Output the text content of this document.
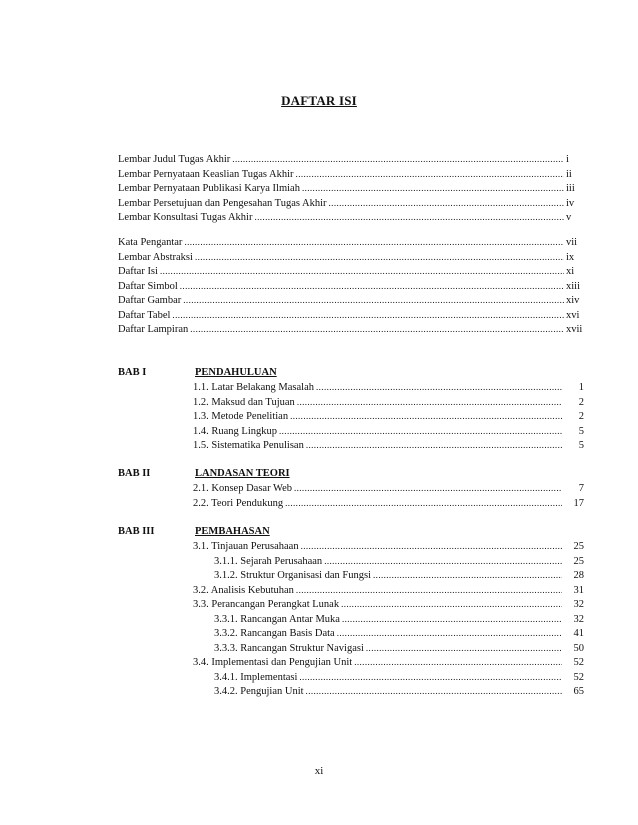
DAFTAR ISI
Lembar Judul Tugas Akhir .....	i
Lembar Pernyataan Keaslian Tugas Akhir .....	ii
Lembar Pernyataan Publikasi Karya Ilmiah .....	iii
Lembar Persetujuan dan Pengesahan Tugas Akhir .....	iv
Lembar Konsultasi Tugas Akhir .....	v
Kata Pengantar .....	vii
Lembar Abstraksi .....	ix
Daftar Isi .....	xi
Daftar Simbol .....	xiii
Daftar Gambar .....	xiv
Daftar Tabel .....	xvi
Daftar Lampiran .....	xvii
BAB I	PENDAHULUAN
1.1. Latar Belakang Masalah .....	1
1.2. Maksud dan Tujuan .....	2
1.3. Metode Penelitian .....	2
1.4. Ruang Lingkup .....	5
1.5. Sistematika Penulisan .....	5
BAB II	LANDASAN TEORI
2.1. Konsep Dasar Web .....	7
2.2. Teori Pendukung .....	17
BAB III	PEMBAHASAN
3.1. Tinjauan Perusahaan .....	25
3.1.1. Sejarah Perusahaan .....	25
3.1.2. Struktur Organisasi dan Fungsi .....	28
3.2. Analisis Kebutuhan .....	31
3.3. Perancangan Perangkat Lunak .....	32
3.3.1. Rancangan Antar Muka .....	32
3.3.2. Rancangan Basis Data .....	41
3.3.3. Rancangan Struktur Navigasi .....	50
3.4. Implementasi dan Pengujian Unit .....	52
3.4.1. Implementasi .....	52
3.4.2. Pengujian Unit .....	65
xi
